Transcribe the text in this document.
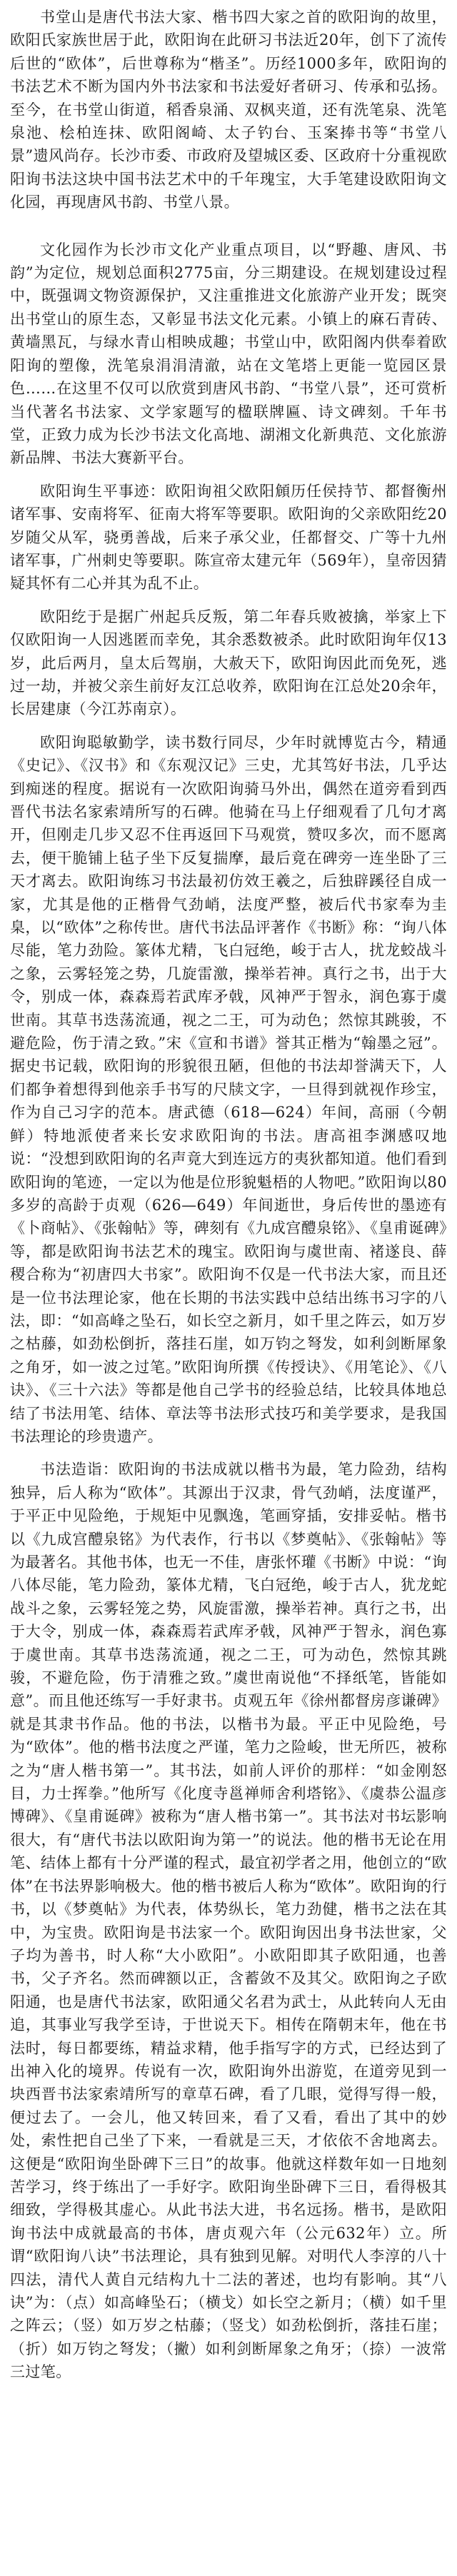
书堂山是唐代书法大家、楷书四大家之首的欧阳询的故里，欧阳氏家族世居于此，欧阳询在此研习书法近20年，创下了流传后世的“欧体”，后世尊称为“楷圣”。历经1000多年，欧阳询的书法艺术不断为国内外书法家和书法爱好者研习、传承和弘扬。至今，在书堂山街道，稻香泉涌、双枫夹道，还有洗笔泉、洗笔泉池、桧柏连抹、欧阳阁崎、太子钓台、玉案捧书等“书堂八景”遗风尚存。长沙市委、市政府及望城区委、区政府十分重视欧阳询书法这块中国书法艺术中的千年瑰宝，大手笔建设欧阳询文化园，再现唐风书韵、书堂八景。

文化园作为长沙市文化产业重点项目，以“野趣、唐风、书韵”为定位，规划总面积2775亩，分三期建设。在规划建设过程中，既强调文物资源保护，又注重推进文化旅游产业开发；既突出书堂山的原生态，又彰显书法文化元素。小镇上的麻石青砖、黄墙黑瓦，与绿水青山相映成趣；书堂山中，欧阳阁内供奉着欧阳询的塑像，洗笔泉涓涓清澈，站在文笔塔上更能一览园区景色……在这里不仅可以欣赏到唐风书韵、“书堂八景”，还可赏析当代著名书法家、文学家题写的楹联牌匾、诗文碑刻。千年书堂，正致力成为长沙书法文化高地、湖湘文化新典范、文化旅游新品牌、书法大赛新平台。

欧阳询生平事迹：欧阳询祖父欧阳頠历任侯持节、都督衡州诸军事、安南将军、征南大将军等要职。欧阳询的父亲欧阳纥20岁随父从军，骁勇善战，后来子承父业，任都督交、广等十九州诸军事，广州刺史等要职。陈宣帝太建元年（569年），皇帝因猜疑其怀有二心并其为乱不止。

欧阳纥于是据广州起兵反叛，第二年春兵败被擒，举家上下仅欧阳询一人因逃匿而幸免，其余悉数被杀。此时欧阳询年仅13岁，此后两月，皇太后驾崩，大赦天下，欧阳询因此而免死，逃过一劫，并被父亲生前好友江总收养，欧阳询在江总处20余年，长居建康（今江苏南京）。

欧阳询聪敏勤学，读书数行同尽，少年时就博览古今，精通《史记》、《汉书》和《东观汉记》三史，尤其笃好书法，几乎达到痴迷的程度。据说有一次欧阳询骑马外出，偶然在道旁看到西晋代书法名家索靖所写的石碑。他骑在马上仔细观看了几句才离开，但刚走几步又忍不住再返回下马观赏，赞叹多次，而不愿离去，便干脆铺上毡子坐下反复揣摩，最后竟在碑旁一连坐卧了三天才离去。欧阳询练习书法最初仿效王羲之，后独辟蹊径自成一家，尤其是他的正楷骨气劲峭，法度严整，被后代书家奉为圭臬，以“欧体”之称传世。唐代书法品评著作《书断》称：“询八体尽能，笔力劲险。篆体尤精，飞白冠绝，峻于古人，扰龙蛟战斗之象，云雾轻笼之势，几旋雷激，操举若神。真行之书，出于大令，别成一体，森森焉若武库矛戟，风神严于智永，润色寡于虞世南。其草书迭荡流通，视之二王，可为动色；然惊其跳骏，不避危险，伤于清之致。”宋《宣和书谱》誉其正楷为“翰墨之冠”。据史书记载，欧阳询的形貌很丑陋，但他的书法却誉满天下，人们都争着想得到他亲手书写的尺牍文字，一旦得到就视作珍宝，作为自己习字的范本。唐武德（618—624）年间，高丽（今朝鲜）特地派使者来长安求欧阳询的书法。唐高祖李渊感叹地说：“没想到欧阳询的名声竟大到连远方的夷狄都知道。他们看到欧阳询的笔迹，一定以为他是位形貌魁梧的人物吧。”欧阳询以80多岁的高龄于贞观（626—649）年间逝世，身后传世的墨迹有《卜商帖》、《张翰帖》等，碑刻有《九成宫醴泉铭》、《皇甫诞碑》等，都是欧阳询书法艺术的瑰宝。欧阳询与虞世南、褚遂良、薛稷合称为“初唐四大书家”。欧阳询不仅是一代书法大家，而且还是一位书法理论家，他在长期的书法实践中总结出练书习字的八法，即：“如高峰之坠石，如长空之新月，如千里之阵云，如万岁之枯藤，如劲松倒折，落挂石崖，如万钧之弩发，如利剑断犀象之角牙，如一波之过笔。”欧阳询所撰《传授诀》、《用笔论》、《八诀》、《三十六法》等都是他自己学书的经验总结，比较具体地总结了书法用笔、结体、章法等书法形式技巧和美学要求，是我国书法理论的珍贵遗产。

书法造诣：欧阳询的书法成就以楷书为最，笔力险劲，结构独异，后人称为“欧体”。其源出于汉隶，骨气劲峭，法度谨严，于平正中见险绝，于规矩中见飘逸，笔画穿插，安排妥帖。楷书以《九成宫醴泉铭》为代表作，行书以《梦奠帖》、《张翰帖》等为最著名。其他书体，也无一不佳，唐张怀瓘《书断》中说：“询八体尽能，笔力险劲，篆体尤精，飞白冠绝，峻于古人，犹龙蛇战斗之象，云雾轻笼之势，风旋雷激，操举若神。真行之书，出于大令，别成一体，森森焉若武库矛戟，风神严于智永，润色寡于虞世南。其草书迭荡流通，视之二王，可为动色，然惊其跳骏，不避危险，伤于清雅之致。”虞世南说他“不择纸笔，皆能如意”。而且他还练写一手好隶书。贞观五年《徐州都督房彦谦碑》就是其隶书作品。他的书法，以楷书为最。平正中见险绝，号为“欧体”。他的楷书法度之严谨，笔力之险峻，世无所匹，被称之为“唐人楷书第一”。其书法，如前人评价的那样：“如金刚怒目，力士挥拳。”他所写《化度寺邕禅师舍利塔铭》、《虞恭公温彦博碑》、《皇甫诞碑》被称为“唐人楷书第一”。其书法对书坛影响很大，有“唐代书法以欧阳询为第一”的说法。他的楷书无论在用笔、结体上都有十分严谨的程式，最宜初学者之用，他创立的“欧体”在书法界影响极大。他的楷书被后人称为“欧体”。欧阳询的行书，以《梦奠帖》为代表，体势纵长，笔力劲健，楷书之法在其中，为宝贵。欧阳询是书法家一个。欧阳询因出身书法世家，父子均为善书，时人称“大小欧阳”。小欧阳即其子欧阳通，也善书，父子齐名。然而碑额以正，含蓄敛不及其父。欧阳询之子欧阳通，也是唐代书法家，欧阳通父名君为武士，从此转向人无由追，其事业写我学至诗，于世说天下。相传在隋朝末年，他在书法时，每日都要练，精益求精，他手指写字的方式，已经达到了出神入化的境界。传说有一次，欧阳询外出游览，在道旁见到一块西晋书法家索靖所写的章草石碑，看了几眼，觉得写得一般，便过去了。一会儿，他又转回来，看了又看，看出了其中的妙处，索性把自己坐了下来，一看就是三天，才依依不舍地离去。这便是“欧阳询坐卧碑下三日”的故事。他就这样数年如一日地刻苦学习，终于练出了一手好字。欧阳询坐卧碑下三日，看得极其细致，学得极其虚心。从此书法大进，书名远扬。楷书，是欧阳询书法中成就最高的书体，唐贞观六年（公元632年）立。所谓“欧阳询八诀”书法理论，具有独到见解。对明代人李淳的八十四法，清代人黄自元结构九十二法的著述，也均有影响。其“八诀”为：（点）如高峰坠石；（横戈）如长空之新月；（横）如千里之阵云；（竖）如万岁之枯藤；（竖戈）如劲松倒折，落挂石崖；（折）如万钧之弩发；（撇）如利剑断犀象之角牙；（捺）一波常三过笔。
